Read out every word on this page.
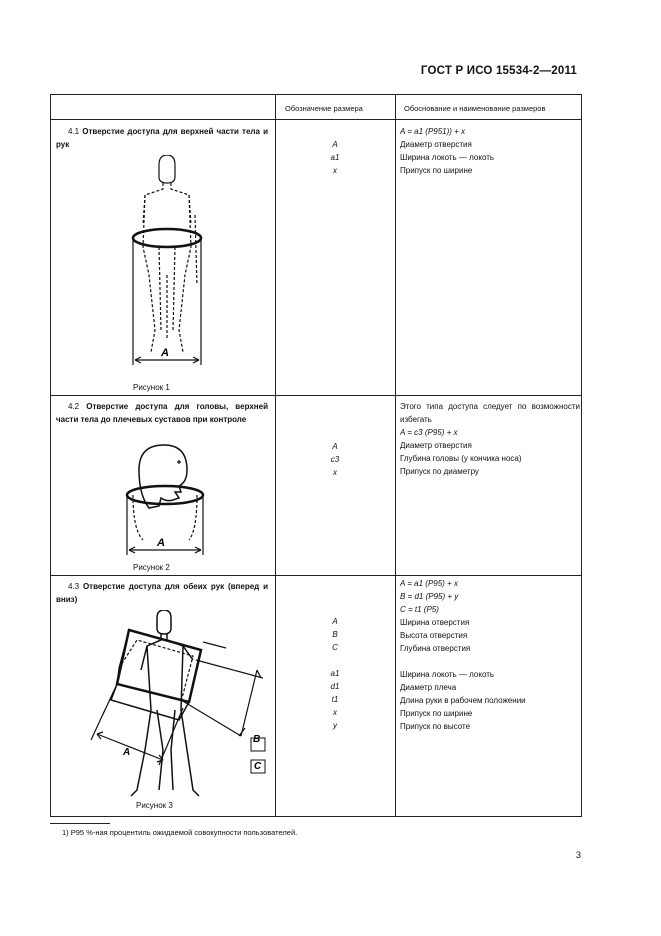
ГОСТ Р ИСО 15534-2—2011
Обозначение размера	Обоснование и наименование размеров
4.1 Отверстие доступа для верхней части тела и рук
A
Рисунок 1
A
a1
x
A = a1 (P951)) + x
Диаметр отверстия
Ширина локоть — локоть
Припуск по ширине
4.2 Отверстие доступа для головы, верхней части тела до плечевых суставов при контроле
A
Рисунок 2
A
c3
x
Этого типа доступа следует по возможности избегать
A = c3 (P95) + x
Диаметр отверстия
Глубина головы (у кончика носа)
Припуск по диаметру
4.3 Отверстие доступа для обеих рук (вперед и вниз)
B
C
A
Рисунок 3
A
B
C
a1
d1
t1
x
y
A = a1 (P95) + x
B = d1 (P95) + y
C = t1 (P5)
Ширина отверстия
Высота отверстия
Глубина отверстия
Ширина локоть — локоть
Диаметр плеча
Длина руки в рабочем положении
Припуск по ширине
Припуск по высоте
1) P95 %-ная процентиль ожидаемой совокупности пользователей.
3
